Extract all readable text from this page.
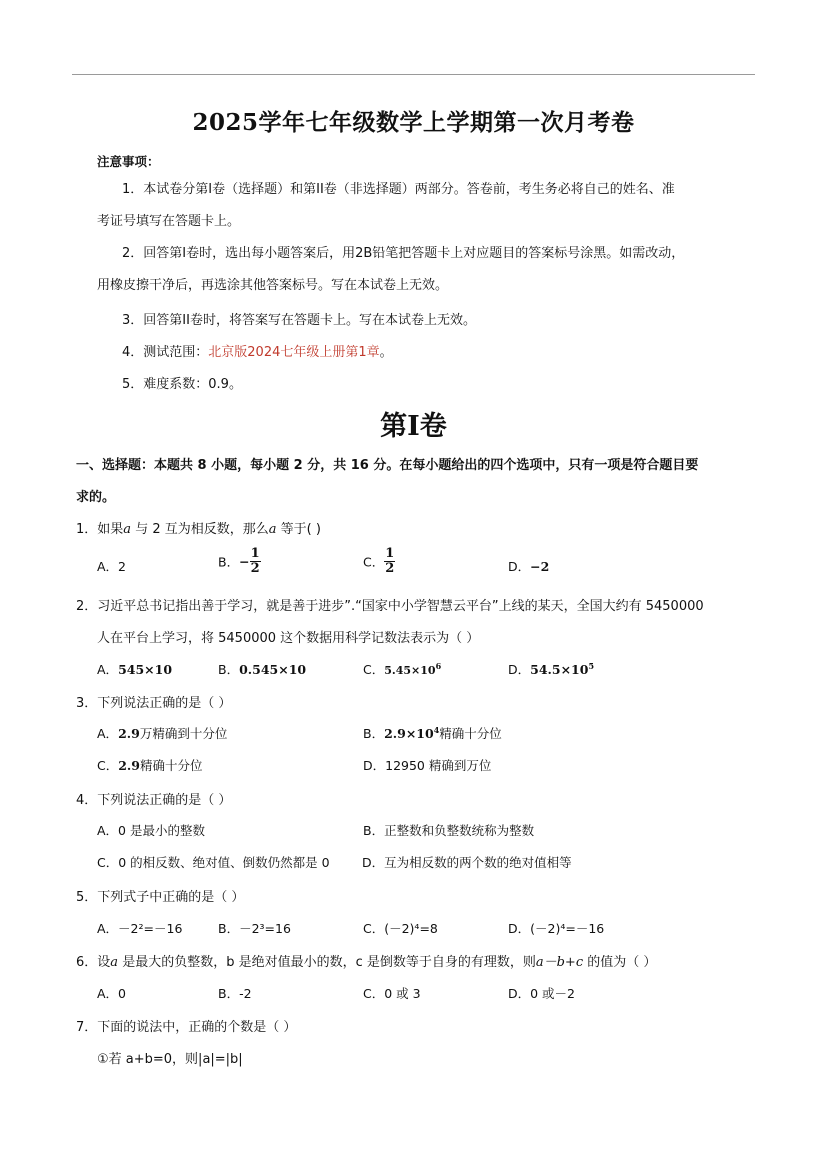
2025学年七年级数学上学期第一次月考卷
注意事项：
1．本试卷分第I卷（选择题）和第II卷（非选择题）两部分。答卷前，考生务必将自己的姓名、准
考证号填写在答题卡上。
2．回答第I卷时，选出每小题答案后，用2B铅笔把答题卡上对应题目的答案标号涂黑。如需改动，
用橡皮擦干净后，再选涂其他答案标号。写在本试卷上无效。
3．回答第II卷时，将答案写在答题卡上。写在本试卷上无效。
4．测试范围：北京版2024七年级上册第1章。
5．难度系数：0.9。
第I卷
一、选择题：本题共 8 小题，每小题 2 分，共 16 分。在每小题给出的四个选项中，只有一项是符合题目要
求的。
1．如果a 与 2 互为相反数，那么a 等于( )
A．2	B．− $\frac{1}{2}$	C． $\frac{1}{2}$	D．−2
2．习近平总书记指出善于学习，就是善于进步”.“国家中小学智慧云平台”上线的某天，全国大约有 5450000
人在平台上学习，将 5450000 这个数据用科学记数法表示为（ ）
A．545×10	B．0.545×10	C．$5.45\times 10^6$	D．$54.5\times 10^5$
3．下列说法正确的是（ ）
A．2.9万精确到十分位	B．$2.9\times 10^4$精确十分位
C．2.9精确十分位	D．12950 精确到万位
4．下列说法正确的是（ ）
A．0 是最小的整数	B．正整数和负整数统称为整数
C．0 的相反数、绝对值、倒数仍然都是 0	D．互为相反数的两个数的绝对值相等
5．下列式子中正确的是（ ）
A．－2²=－16	B．－2³=16	C．(－2)⁴=8	D．(－2)⁴=－16
6．设a 是最大的负整数，b 是绝对值最小的数，c 是倒数等于自身的有理数，则a－b+c 的值为（ ）
A．0	B．-2	C．0 或 3	D．0 或－2
7．下面的说法中，正确的个数是（ ）
①若 a+b=0，则|a|=|b|
